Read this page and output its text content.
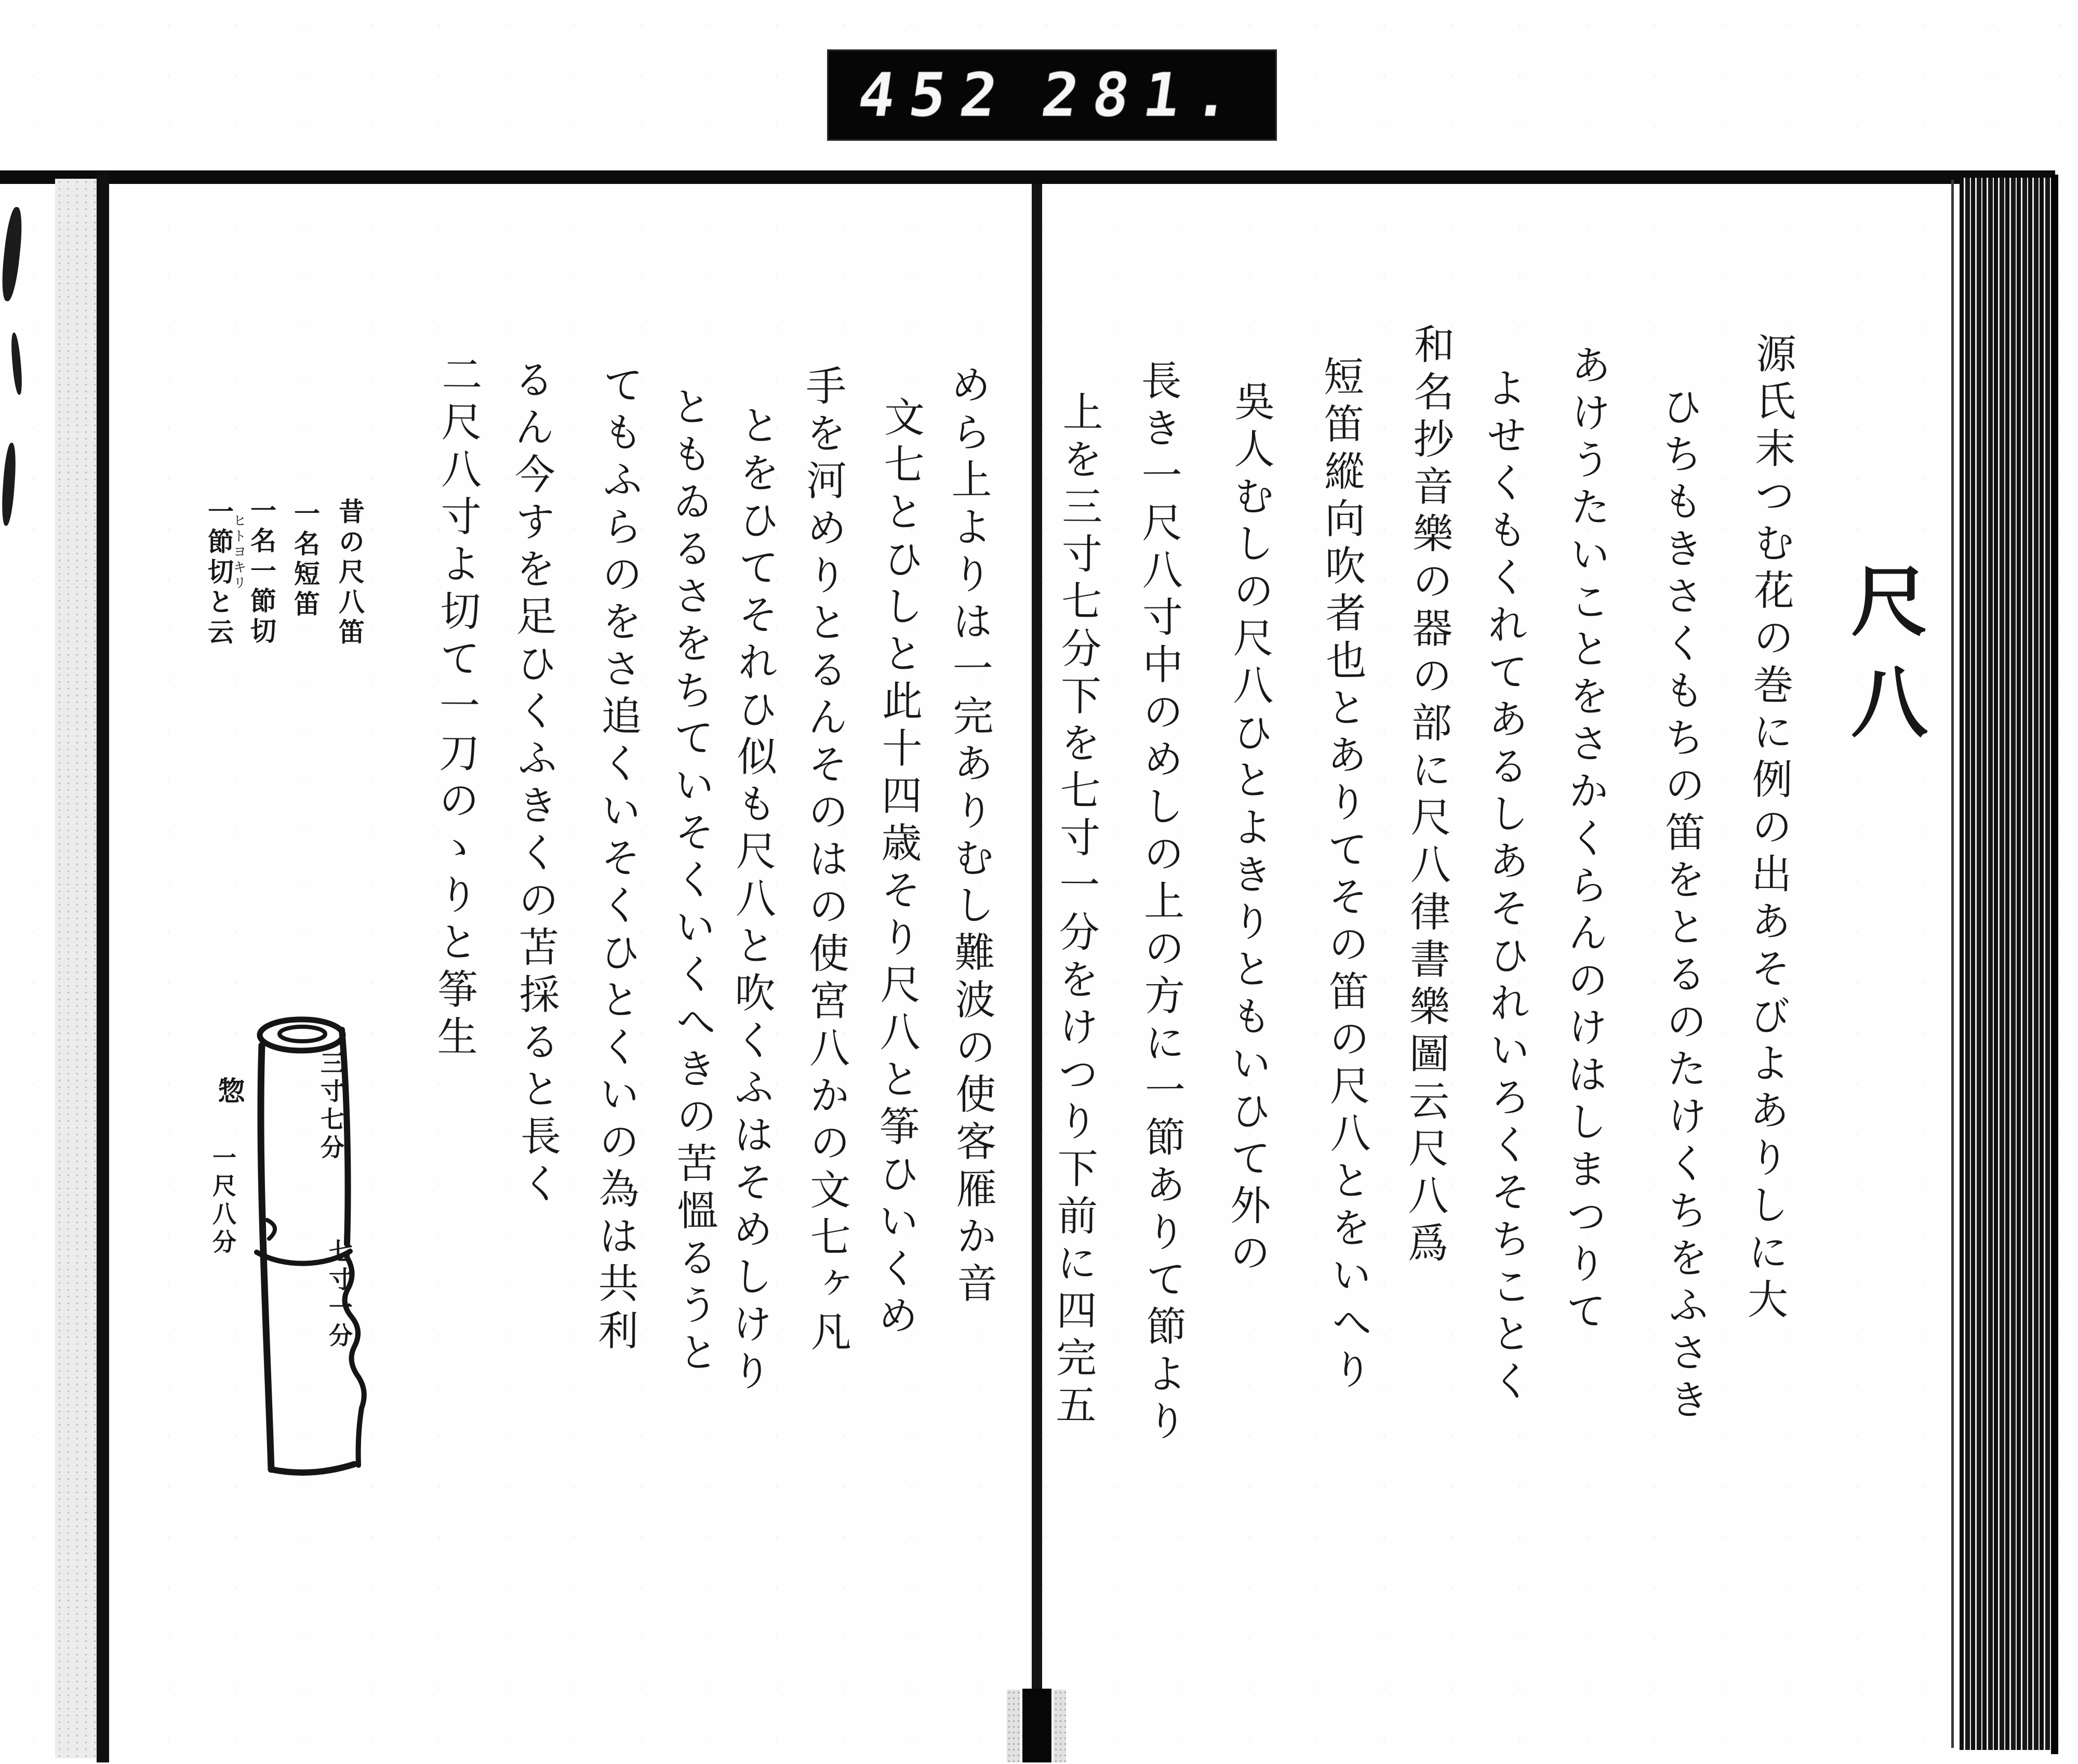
452 281.
尺八
源氏末つむ花の巻に例の出あそびよありしに大
ひちもきさくもちの笛をとるのたけくちをふさき
あけうたいことをさかくらんのけはしまつりて
よせくもくれてあるしあそひれいろくそちことく
和名抄音樂の器の部に尺八律書樂圖云尺八爲
短笛縱向吹者也とありてその笛の尺八とをいへり
吳人むしの尺八ひとよきりともいひて外の
長き一尺八寸中のめしの上の方に一節ありて節より
上を三寸七分下を七寸一分をけつり下前に四完五
めら上よりは一完ありむし難波の使客雁か音
文七とひしと此十四歳そり尺八と筝ひいくめ
手を河めりとるんそのはの使宮八かの文七ヶ凡
とをひてそれひ似も尺八と吹くふはそめしけり
ともゐるさをちていそくいくへきの苦慍るうと
てもふらのをさ追くいそくひとくいの為は共利
るん今すを足ひくふきくの苫採ると長く
二尺八寸よ切て一刀のゝりと筝生
昔の尺八笛
一名短笛
一名一節切
ヒトヨキリ
一節切と云
三寸七分
七寸一分
惣
一尺八分
